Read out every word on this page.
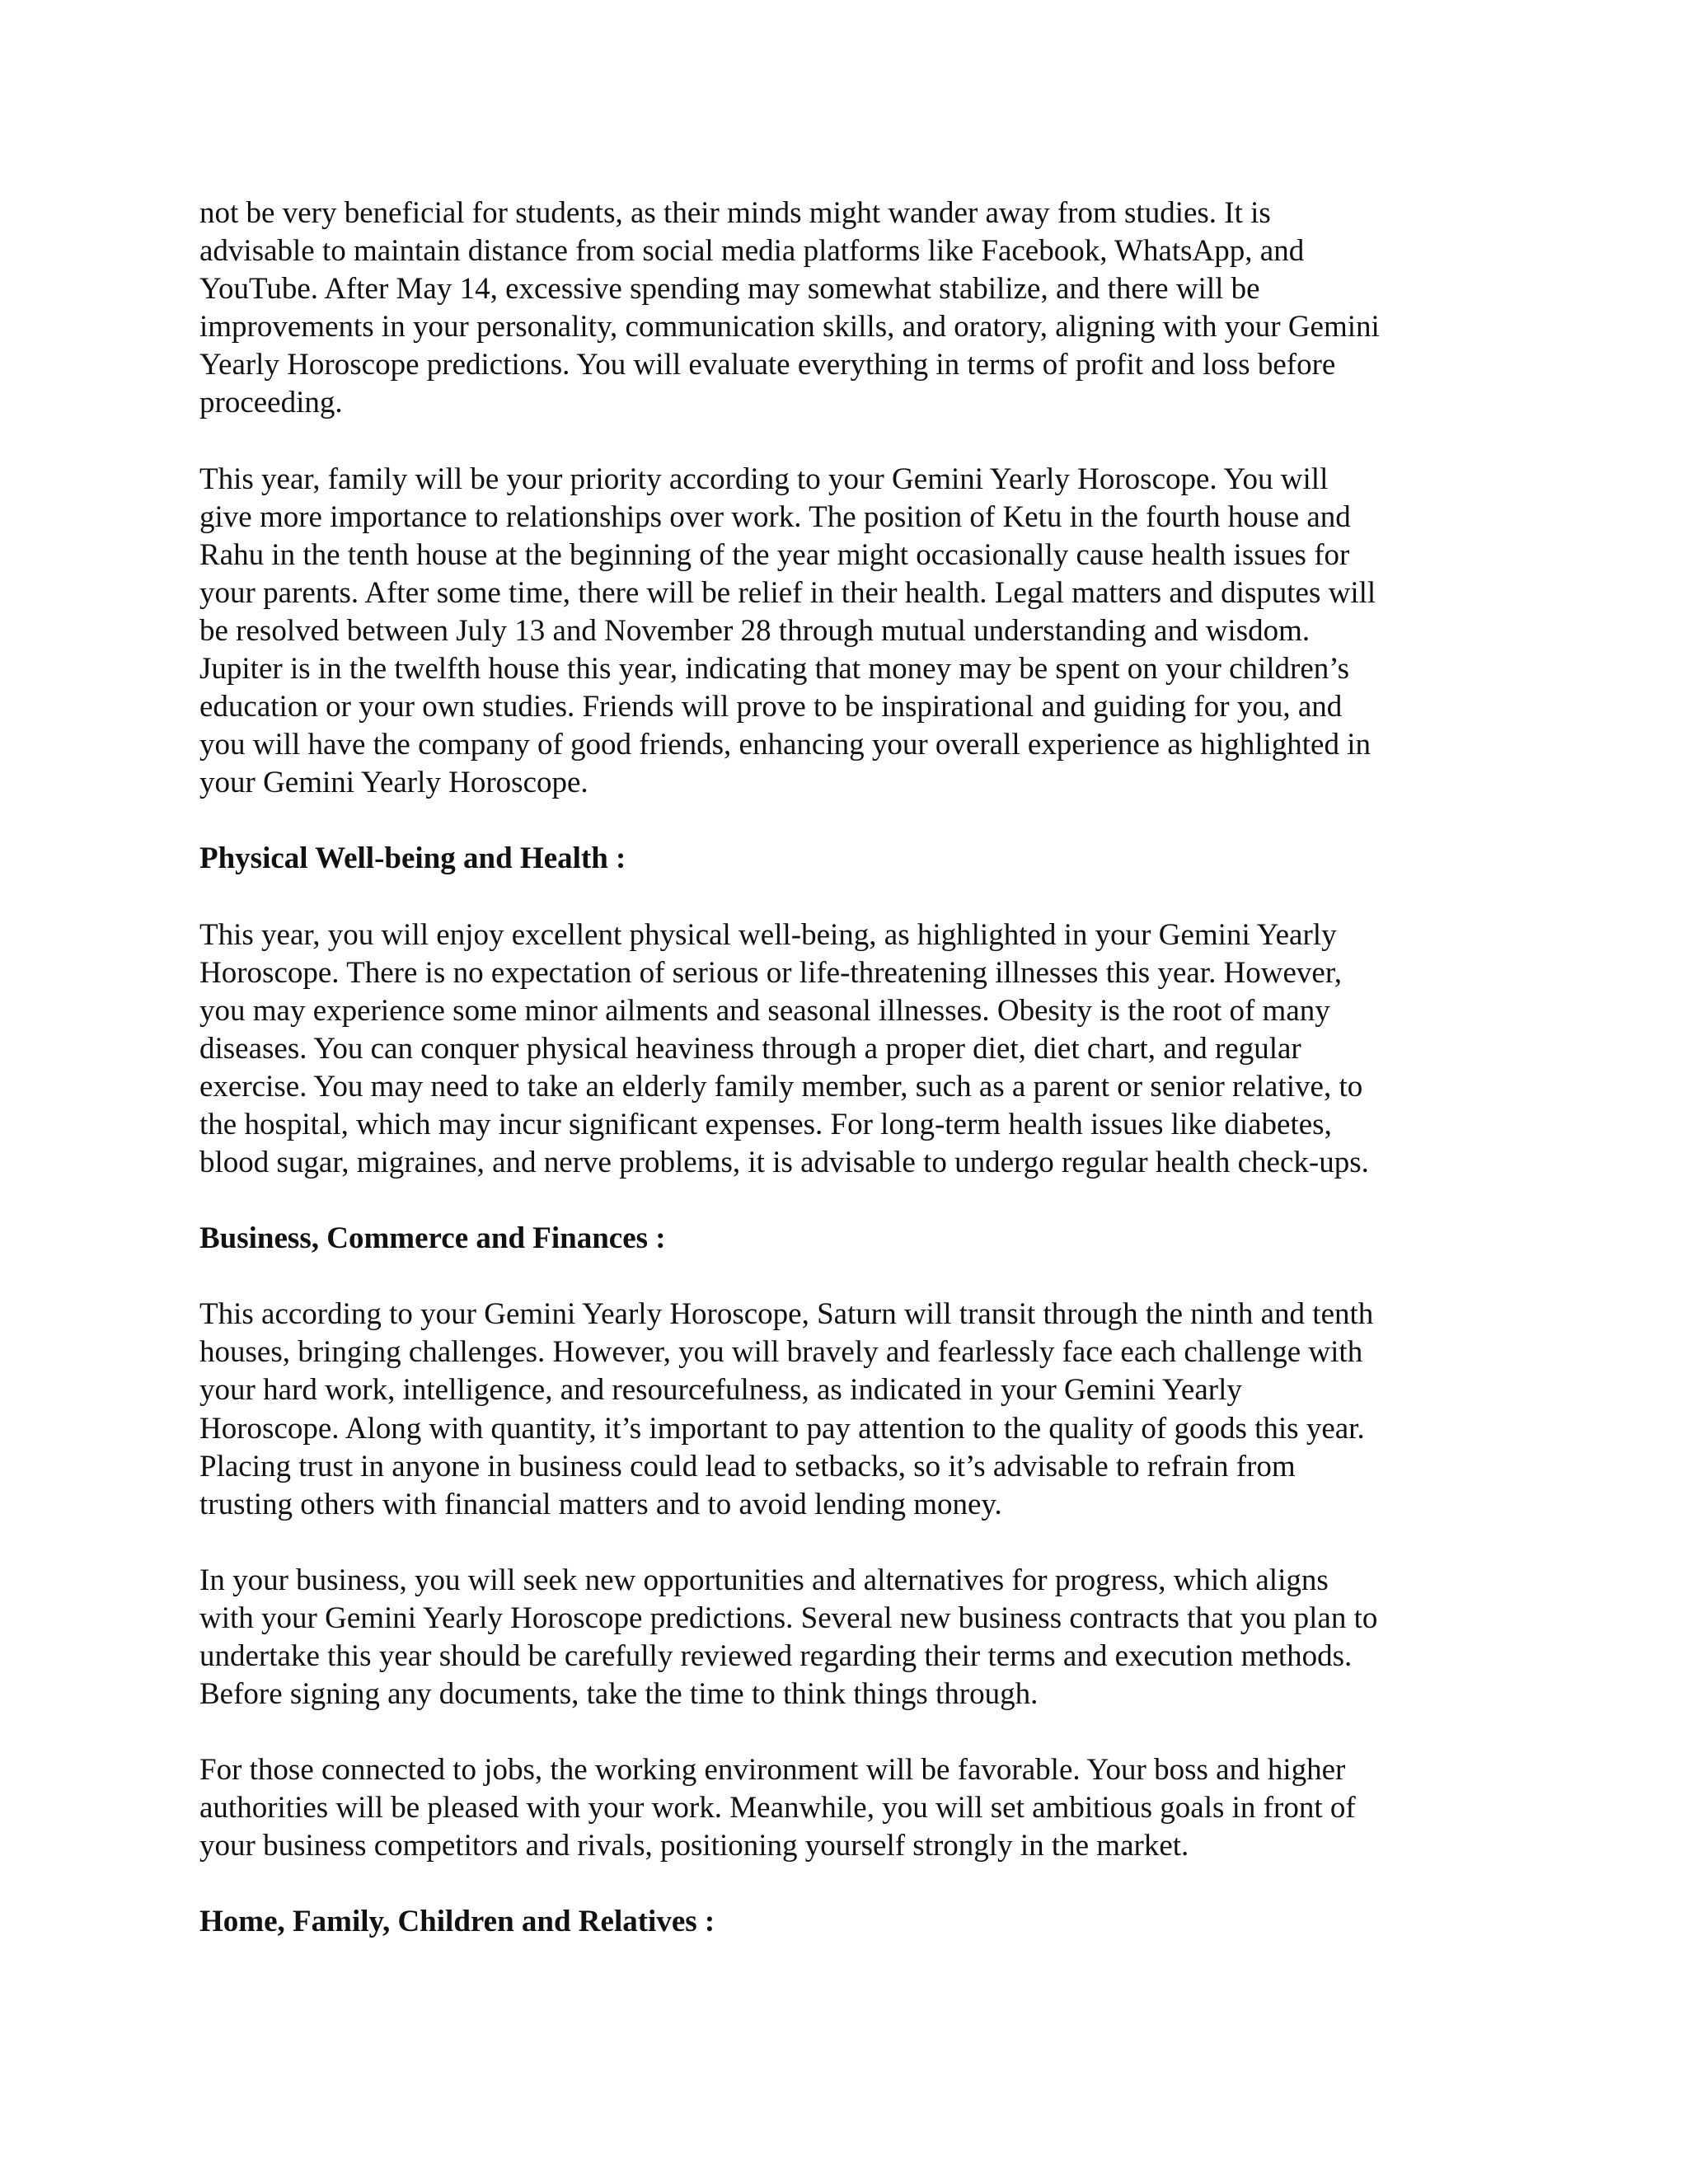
not be very beneficial for students, as their minds might wander away from studies. It is
advisable to maintain distance from social media platforms like Facebook, WhatsApp, and
YouTube. After May 14, excessive spending may somewhat stabilize, and there will be
improvements in your personality, communication skills, and oratory, aligning with your Gemini
Yearly Horoscope predictions. You will evaluate everything in terms of profit and loss before
proceeding.

This year, family will be your priority according to your Gemini Yearly Horoscope. You will
give more importance to relationships over work. The position of Ketu in the fourth house and
Rahu in the tenth house at the beginning of the year might occasionally cause health issues for
your parents. After some time, there will be relief in their health. Legal matters and disputes will
be resolved between July 13 and November 28 through mutual understanding and wisdom.
Jupiter is in the twelfth house this year, indicating that money may be spent on your children’s
education or your own studies. Friends will prove to be inspirational and guiding for you, and
you will have the company of good friends, enhancing your overall experience as highlighted in
your Gemini Yearly Horoscope.

Physical Well-being and Health :

This year, you will enjoy excellent physical well-being, as highlighted in your Gemini Yearly
Horoscope. There is no expectation of serious or life-threatening illnesses this year. However,
you may experience some minor ailments and seasonal illnesses. Obesity is the root of many
diseases. You can conquer physical heaviness through a proper diet, diet chart, and regular
exercise. You may need to take an elderly family member, such as a parent or senior relative, to
the hospital, which may incur significant expenses. For long-term health issues like diabetes,
blood sugar, migraines, and nerve problems, it is advisable to undergo regular health check-ups.

Business, Commerce and Finances :

This according to your Gemini Yearly Horoscope, Saturn will transit through the ninth and tenth
houses, bringing challenges. However, you will bravely and fearlessly face each challenge with
your hard work, intelligence, and resourcefulness, as indicated in your Gemini Yearly
Horoscope. Along with quantity, it’s important to pay attention to the quality of goods this year.
Placing trust in anyone in business could lead to setbacks, so it’s advisable to refrain from
trusting others with financial matters and to avoid lending money.

In your business, you will seek new opportunities and alternatives for progress, which aligns
with your Gemini Yearly Horoscope predictions. Several new business contracts that you plan to
undertake this year should be carefully reviewed regarding their terms and execution methods.
Before signing any documents, take the time to think things through.

For those connected to jobs, the working environment will be favorable. Your boss and higher
authorities will be pleased with your work. Meanwhile, you will set ambitious goals in front of
your business competitors and rivals, positioning yourself strongly in the market.

Home, Family, Children and Relatives :
